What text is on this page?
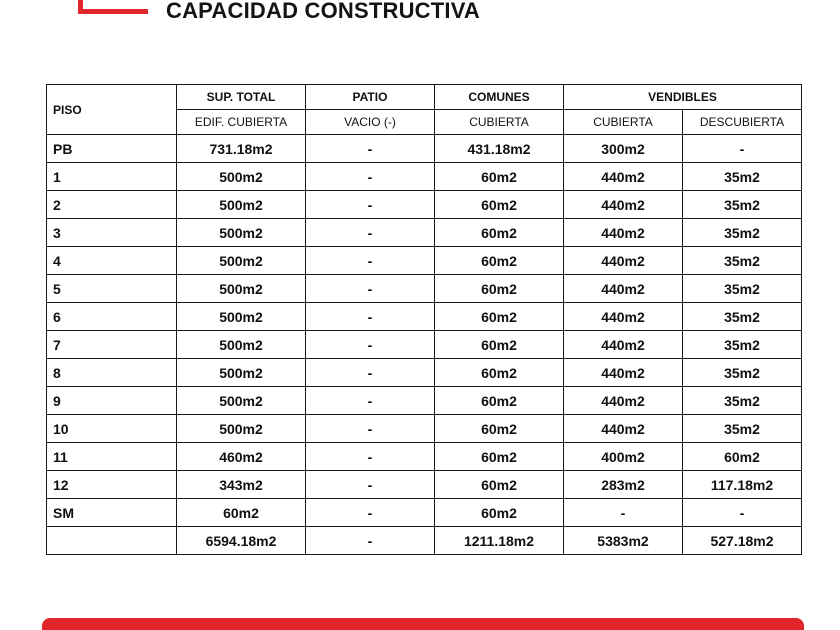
CAPACIDAD CONSTRUCTIVA
PISO	SUP. TOTAL	PATIO	COMUNES	VENDIBLES	
	EDIF. CUBIERTA	VACIO (-)	CUBIERTA	CUBIERTA	DESCUBIERTA
PB	731.18m2	-	431.18m2	300m2	-
1	500m2	-	60m2	440m2	35m2
2	500m2	-	60m2	440m2	35m2
3	500m2	-	60m2	440m2	35m2
4	500m2	-	60m2	440m2	35m2
5	500m2	-	60m2	440m2	35m2
6	500m2	-	60m2	440m2	35m2
7	500m2	-	60m2	440m2	35m2
8	500m2	-	60m2	440m2	35m2
9	500m2	-	60m2	440m2	35m2
10	500m2	-	60m2	440m2	35m2
11	460m2	-	60m2	400m2	60m2
12	343m2	-	60m2	283m2	117.18m2
SM	60m2	-	60m2	-	-
	6594.18m2	-	1211.18m2	5383m2	527.18m2
